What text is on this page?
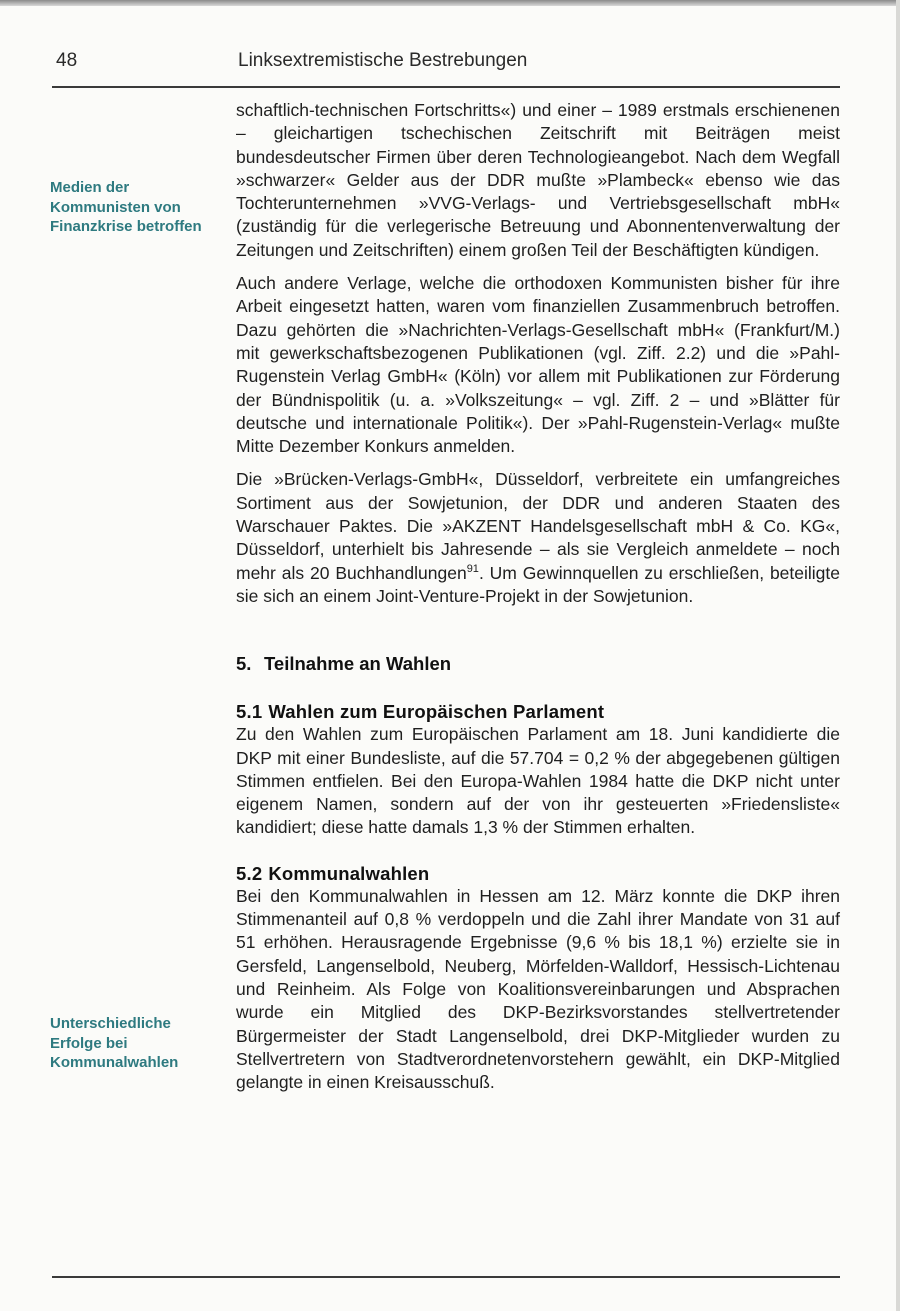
48	Linksextremistische Bestrebungen
Medien der Kommunisten von Finanzkrise betroffen
Unterschiedliche Erfolge bei Kommunalwahlen

schaftlich-technischen Fortschritts«) und einer – 1989 erstmals erschienenen – gleichartigen tschechischen Zeitschrift mit Beiträgen meist bundesdeutscher Firmen über deren Technologieangebot. Nach dem Wegfall »schwarzer« Gelder aus der DDR mußte »Plambeck« ebenso wie das Tochterunternehmen »VVG-Verlags- und Vertriebsgesellschaft mbH« (zuständig für die verlegerische Betreuung und Abonnentenverwaltung der Zeitungen und Zeitschriften) einem großen Teil der Beschäftigten kündigen.

Auch andere Verlage, welche die orthodoxen Kommunisten bisher für ihre Arbeit eingesetzt hatten, waren vom finanziellen Zusammenbruch betroffen. Dazu gehörten die »Nachrichten-Verlags-Gesellschaft mbH« (Frankfurt/M.) mit gewerkschaftsbezogenen Publikationen (vgl. Ziff. 2.2) und die »Pahl-Rugenstein Verlag GmbH« (Köln) vor allem mit Publikationen zur Förderung der Bündnispolitik (u. a. »Volkszeitung« – vgl. Ziff. 2 – und »Blätter für deutsche und internationale Politik«). Der »Pahl-Rugenstein-Verlag« mußte Mitte Dezember Konkurs anmelden.

Die »Brücken-Verlags-GmbH«, Düsseldorf, verbreitete ein umfangreiches Sortiment aus der Sowjetunion, der DDR und anderen Staaten des Warschauer Paktes. Die »AKZENT Handelsgesellschaft mbH & Co. KG«, Düsseldorf, unterhielt bis Jahresende – als sie Vergleich anmeldete – noch mehr als 20 Buchhandlungen$^{91}$. Um Gewinnquellen zu erschließen, beteiligte sie sich an einem Joint-Venture-Projekt in der Sowjetunion.

5. Teilnahme an Wahlen
5.1 Wahlen zum Europäischen Parlament

Zu den Wahlen zum Europäischen Parlament am 18. Juni kandidierte die DKP mit einer Bundesliste, auf die 57.704 = 0,2 % der abgegebenen gültigen Stimmen entfielen. Bei den Europa-Wahlen 1984 hatte die DKP nicht unter eigenem Namen, sondern auf der von ihr gesteuerten »Friedensliste« kandidiert; diese hatte damals 1,3 % der Stimmen erhalten.

5.2 Kommunalwahlen

Bei den Kommunalwahlen in Hessen am 12. März konnte die DKP ihren Stimmenanteil auf 0,8 % verdoppeln und die Zahl ihrer Mandate von 31 auf 51 erhöhen. Herausragende Ergebnisse (9,6 % bis 18,1 %) erzielte sie in Gersfeld, Langenselbold, Neuberg, Mörfelden-Walldorf, Hessisch-Lichtenau und Reinheim. Als Folge von Koalitionsvereinbarungen und Absprachen wurde ein Mitglied des DKP-Bezirksvorstandes stellvertretender Bürgermeister der Stadt Langenselbold, drei DKP-Mitglieder wurden zu Stellvertretern von Stadtverordnetenvorstehern gewählt, ein DKP-Mitglied gelangte in einen Kreisausschuß.
